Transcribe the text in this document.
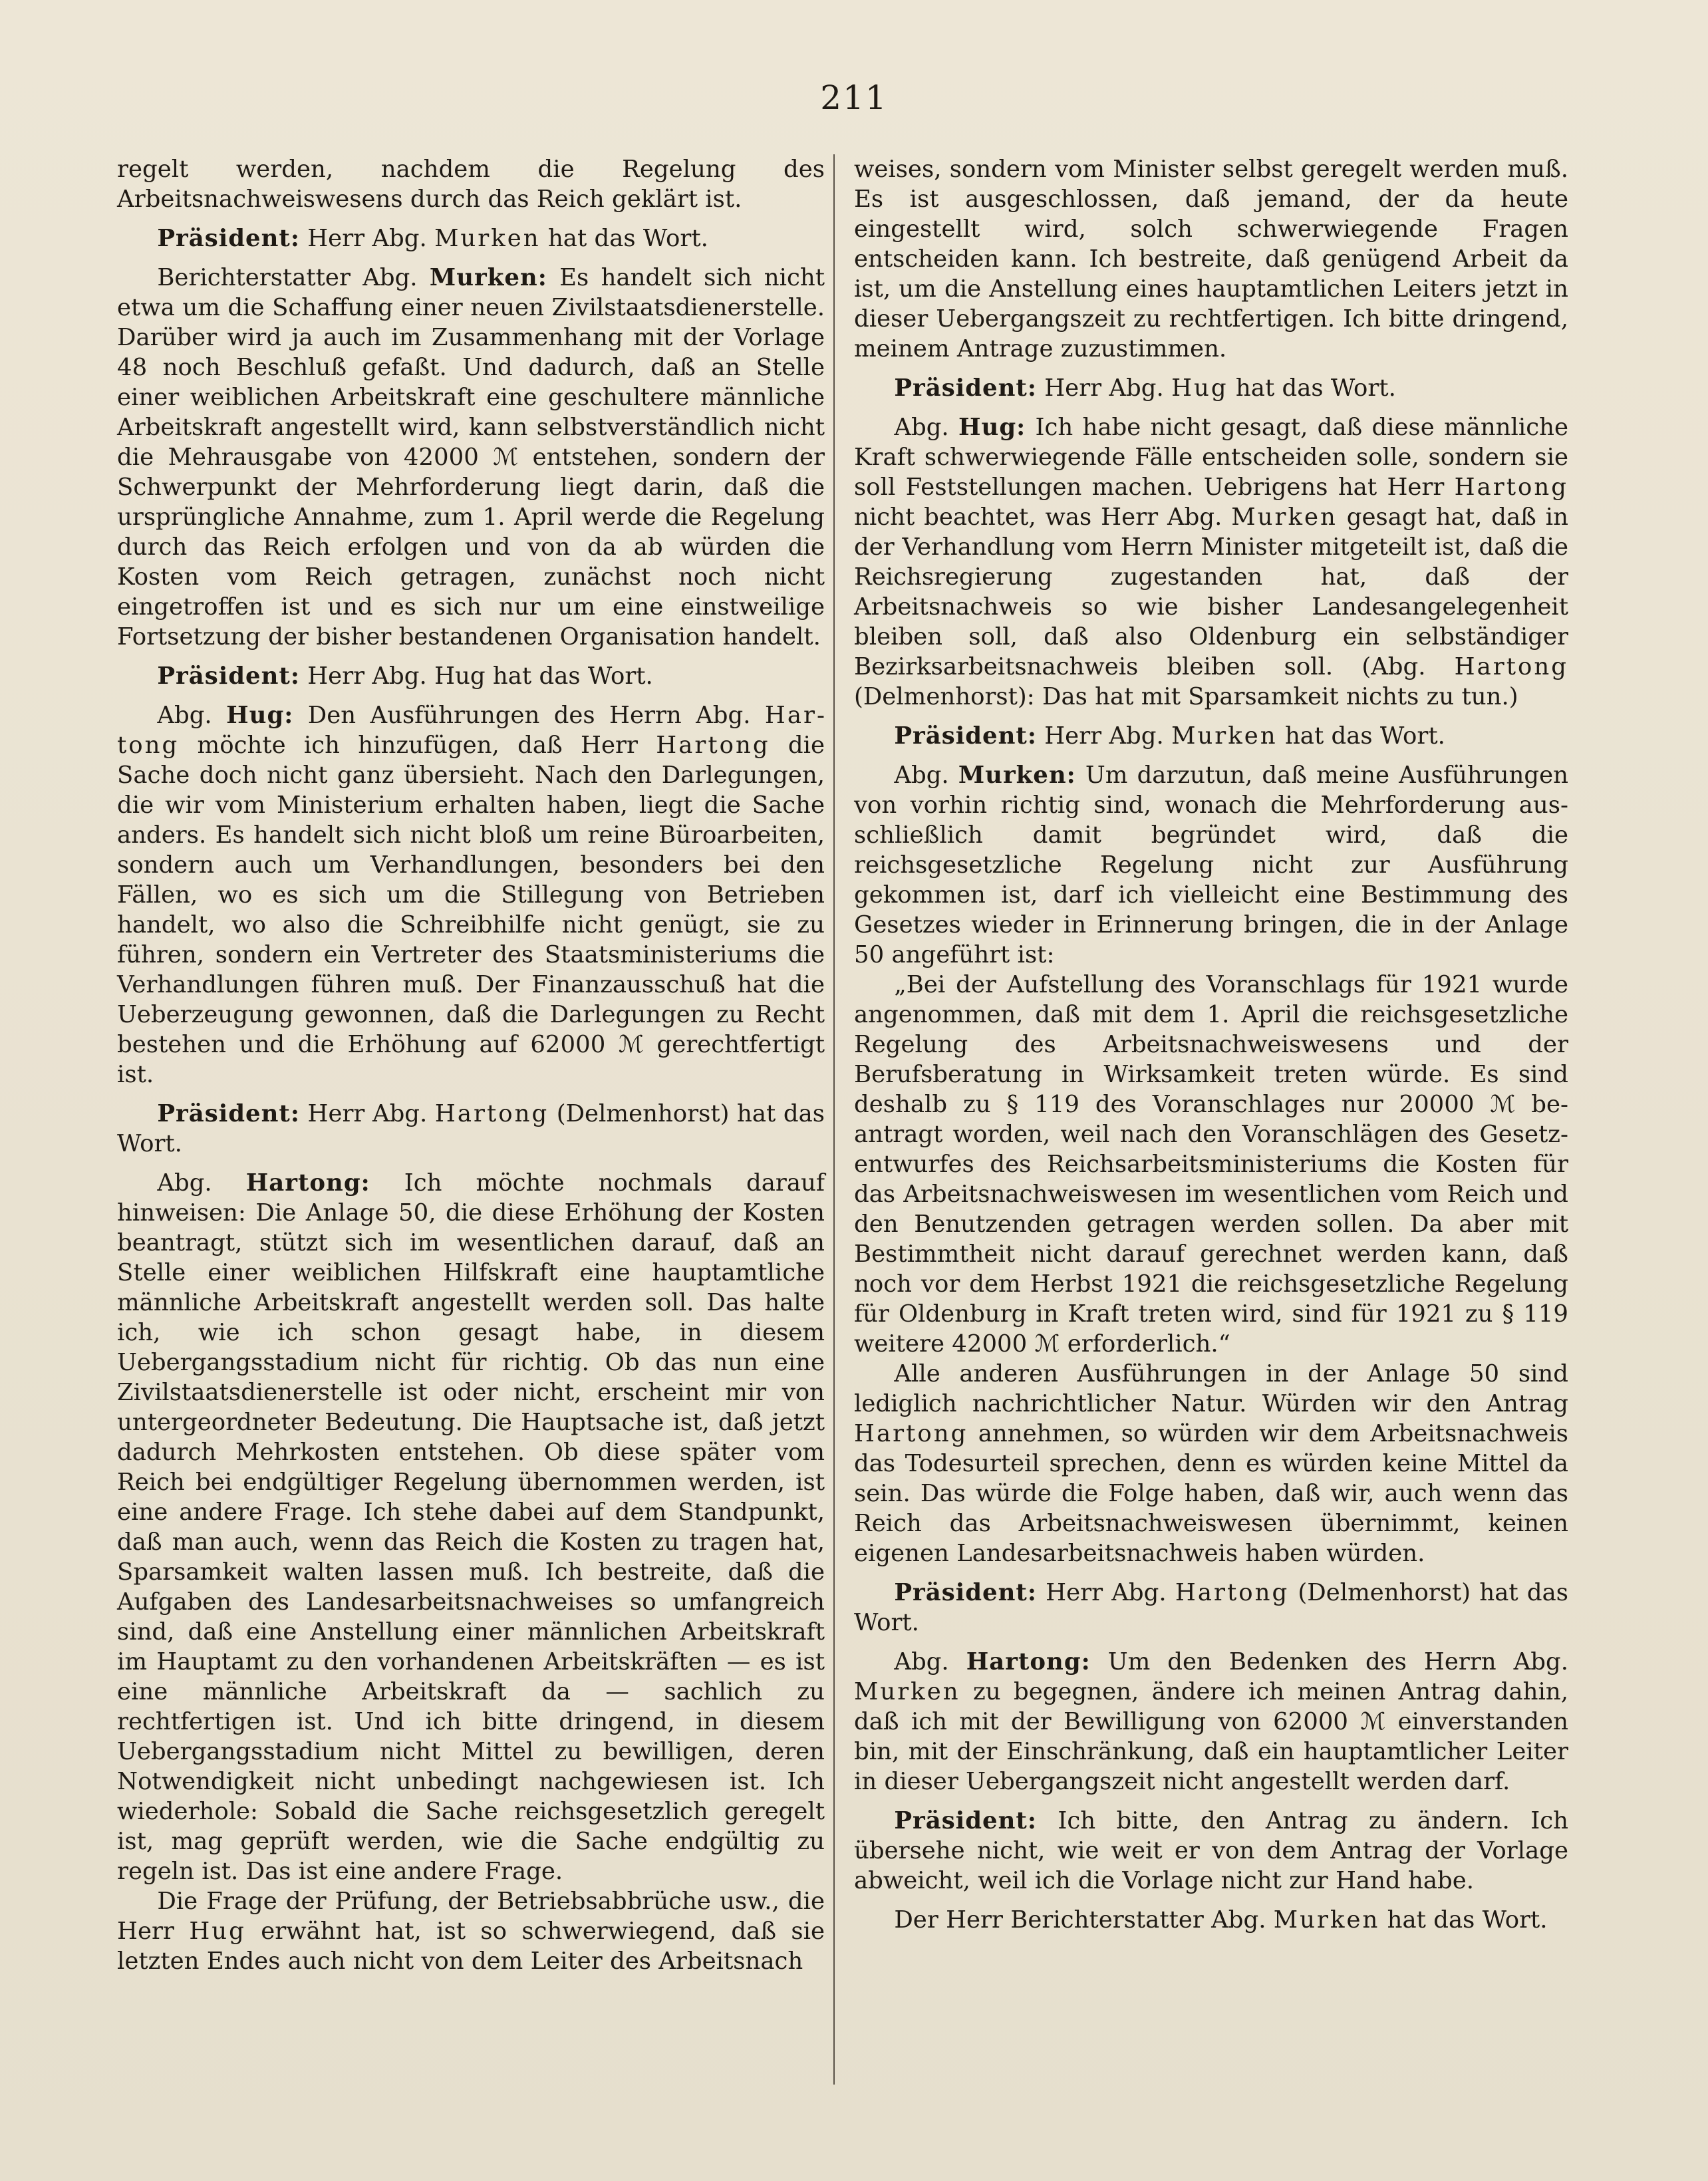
211

regelt werden, nachdem die Regelung des Arbeitsnachweiswesens durch das Reich geklärt ist.

Präsident: Herr Abg. Murken hat das Wort.

Berichterstatter Abg. Murken: Es handelt sich nicht etwa um die Schaffung einer neuen Zivilstaatsdienerstelle. Darüber wird ja auch im Zusammenhang mit der Vorlage 48 noch Beschluß gefaßt. Und dadurch, daß an Stelle einer weiblichen Arbeitskraft eine geschultere männliche Arbeitskraft angestellt wird, kann selbstverständlich nicht die Mehrausgabe von 42000 ℳ entstehen, sondern der Schwerpunkt der Mehrforderung liegt darin, daß die ursprüngliche Annahme, zum 1. April werde die Regelung durch das Reich erfolgen und von da ab würden die Kosten vom Reich getragen, zunächst noch nicht eingetroffen ist und es sich nur um eine einstweilige Fortsetzung der bisher bestandenen Organisation handelt.

Präsident: Herr Abg. Hug hat das Wort.

Abg. Hug: Den Ausführungen des Herrn Abg. Hartong möchte ich hinzufügen, daß Herr Hartong die Sache doch nicht ganz übersieht. Nach den Darlegungen, die wir vom Ministerium erhalten haben, liegt die Sache anders. Es handelt sich nicht bloß um reine Büroarbeiten, sondern auch um Verhandlungen, besonders bei den Fällen, wo es sich um die Stillegung von Betrieben handelt, wo also die Schreibhilfe nicht genügt, sie zu führen, sondern ein Vertreter des Staatsministeriums die Verhandlungen führen muß. Der Finanzausschuß hat die Ueberzeugung gewonnen, daß die Darlegungen zu Recht bestehen und die Erhöhung auf 62000 ℳ gerechtfertigt ist.

Präsident: Herr Abg. Hartong (Delmenhorst) hat das Wort.

Abg. Hartong: Ich möchte nochmals darauf hinweisen: Die Anlage 50, die diese Erhöhung der Kosten beantragt, stützt sich im wesentlichen darauf, daß an Stelle einer weiblichen Hilfskraft eine hauptamtliche männliche Arbeitskraft angestellt werden soll. Das halte ich, wie ich schon gesagt habe, in diesem Uebergangsstadium nicht für richtig. Ob das nun eine Zivilstaatsdienerstelle ist oder nicht, erscheint mir von untergeordneter Bedeutung. Die Hauptsache ist, daß jetzt dadurch Mehrkosten entstehen. Ob diese später vom Reich bei endgültiger Regelung übernommen werden, ist eine andere Frage. Ich stehe dabei auf dem Standpunkt, daß man auch, wenn das Reich die Kosten zu tragen hat, Sparsamkeit walten lassen muß. Ich bestreite, daß die Aufgaben des Landesarbeitsnachweises so umfangreich sind, daß eine Anstellung einer männlichen Arbeitskraft im Hauptamt zu den vorhandenen Arbeitskräften — es ist eine männliche Arbeitskraft da — sachlich zu rechtfertigen ist. Und ich bitte dringend, in diesem Uebergangsstadium nicht Mittel zu bewilligen, deren Notwendigkeit nicht unbedingt nachgewiesen ist. Ich wiederhole: Sobald die Sache reichsgesetzlich geregelt ist, mag geprüft werden, wie die Sache endgültig zu regeln ist. Das ist eine andere Frage.

Die Frage der Prüfung, der Betriebsabbrüche usw., die Herr Hug erwähnt hat, ist so schwerwiegend, daß sie letzten Endes auch nicht von dem Leiter des Arbeitsnach

weises, sondern vom Minister selbst geregelt werden muß. Es ist ausgeschlossen, daß jemand, der da heute eingestellt wird, solch schwerwiegende Fragen entscheiden kann. Ich bestreite, daß genügend Arbeit da ist, um die Anstellung eines hauptamtlichen Leiters jetzt in dieser Uebergangszeit zu rechtfertigen. Ich bitte dringend, meinem Antrage zuzustimmen.

Präsident: Herr Abg. Hug hat das Wort.

Abg. Hug: Ich habe nicht gesagt, daß diese männliche Kraft schwerwiegende Fälle entscheiden solle, sondern sie soll Feststellungen machen. Uebrigens hat Herr Hartong nicht beachtet, was Herr Abg. Murken gesagt hat, daß in der Verhandlung vom Herrn Minister mitgeteilt ist, daß die Reichsregierung zugestanden hat, daß der Arbeitsnachweis so wie bisher Landesangelegenheit bleiben soll, daß also Oldenburg ein selbständiger Bezirksarbeitsnachweis bleiben soll. (Abg. Hartong (Delmenhorst): Das hat mit Sparsamkeit nichts zu tun.)

Präsident: Herr Abg. Murken hat das Wort.

Abg. Murken: Um darzutun, daß meine Ausführungen von vorhin richtig sind, wonach die Mehrforderung ausschließlich damit begründet wird, daß die reichsgesetzliche Regelung nicht zur Ausführung gekommen ist, darf ich vielleicht eine Bestimmung des Gesetzes wieder in Erinnerung bringen, die in der Anlage 50 angeführt ist:

„Bei der Aufstellung des Voranschlags für 1921 wurde angenommen, daß mit dem 1. April die reichsgesetzliche Regelung des Arbeitsnachweiswesens und der Berufsberatung in Wirksamkeit treten würde. Es sind deshalb zu § 119 des Voranschlages nur 20000 ℳ beantragt worden, weil nach den Voranschlägen des Gesetzentwurfes des Reichsarbeitsministeriums die Kosten für das Arbeitsnachweiswesen im wesentlichen vom Reich und den Benutzenden getragen werden sollen. Da aber mit Bestimmtheit nicht darauf gerechnet werden kann, daß noch vor dem Herbst 1921 die reichsgesetzliche Regelung für Oldenburg in Kraft treten wird, sind für 1921 zu § 119 weitere 42000 ℳ erforderlich.“

Alle anderen Ausführungen in der Anlage 50 sind lediglich nachrichtlicher Natur. Würden wir den Antrag Hartong annehmen, so würden wir dem Arbeitsnachweis das Todesurteil sprechen, denn es würden keine Mittel da sein. Das würde die Folge haben, daß wir, auch wenn das Reich das Arbeitsnachweiswesen übernimmt, keinen eigenen Landesarbeitsnachweis haben würden.

Präsident: Herr Abg. Hartong (Delmenhorst) hat das Wort.

Abg. Hartong: Um den Bedenken des Herrn Abg. Murken zu begegnen, ändere ich meinen Antrag dahin, daß ich mit der Bewilligung von 62000 ℳ einverstanden bin, mit der Einschränkung, daß ein hauptamtlicher Leiter in dieser Uebergangszeit nicht angestellt werden darf.

Präsident: Ich bitte, den Antrag zu ändern. Ich übersehe nicht, wie weit er von dem Antrag der Vorlage abweicht, weil ich die Vorlage nicht zur Hand habe.

Der Herr Berichterstatter Abg. Murken hat das Wort.
